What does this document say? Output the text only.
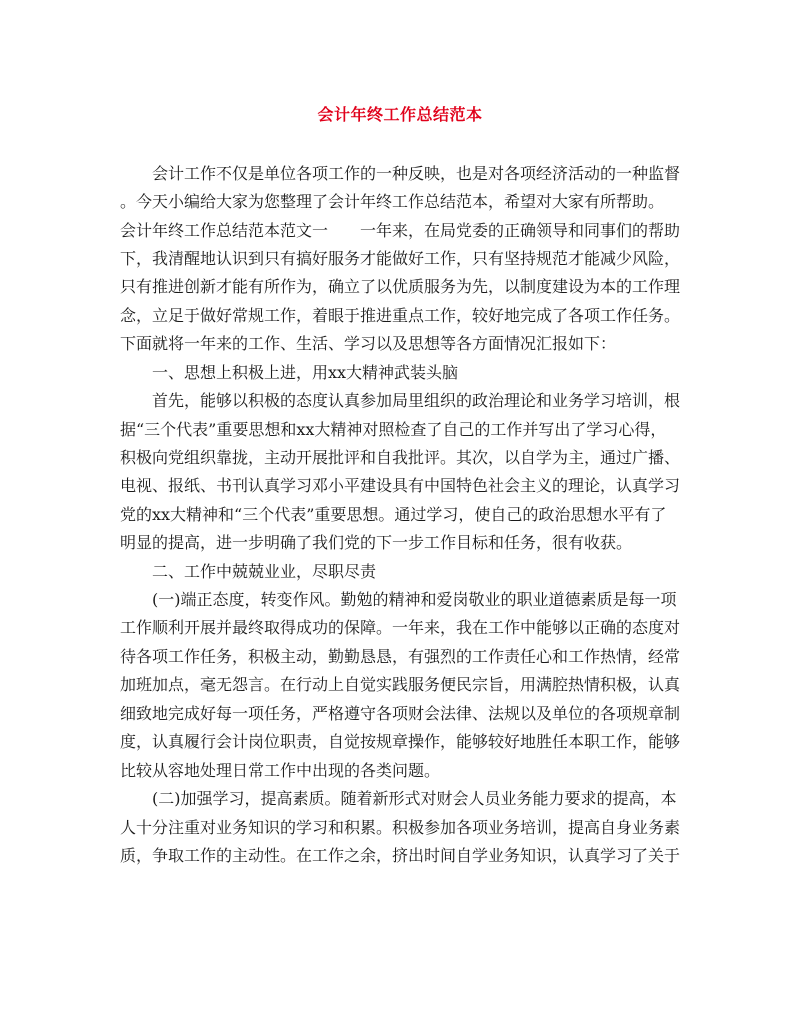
会计年终工作总结范本
　　会计工作不仅是单位各项工作的一种反映，也是对各项经济活动的一种监督
。今天小编给大家为您整理了会计年终工作总结范本，希望对大家有所帮助。
会计年终工作总结范本范文一　　一年来，在局党委的正确领导和同事们的帮助
下，我清醒地认识到只有搞好服务才能做好工作，只有坚持规范才能减少风险，
只有推进创新才能有所作为，确立了以优质服务为先，以制度建设为本的工作理
念，立足于做好常规工作，着眼于推进重点工作，较好地完成了各项工作任务。
下面就将一年来的工作、生活、学习以及思想等各方面情况汇报如下：
　　一、思想上积极上进，用xx大精神武装头脑
　　首先，能够以积极的态度认真参加局里组织的政治理论和业务学习培训，根
据“三个代表”重要思想和xx大精神对照检查了自己的工作并写出了学习心得，
积极向党组织靠拢，主动开展批评和自我批评。其次，以自学为主，通过广播、
电视、报纸、书刊认真学习邓小平建设具有中国特色社会主义的理论，认真学习
党的xx大精神和“三个代表”重要思想。通过学习，使自己的政治思想水平有了
明显的提高，进一步明确了我们党的下一步工作目标和任务，很有收获。
　　二、工作中兢兢业业，尽职尽责
　　(一)端正态度，转变作风。勤勉的精神和爱岗敬业的职业道德素质是每一项
工作顺利开展并最终取得成功的保障。一年来，我在工作中能够以正确的态度对
待各项工作任务，积极主动，勤勤恳恳，有强烈的工作责任心和工作热情，经常
加班加点，毫无怨言。在行动上自觉实践服务便民宗旨，用满腔热情积极，认真
细致地完成好每一项任务，严格遵守各项财会法律、法规以及单位的各项规章制
度，认真履行会计岗位职责，自觉按规章操作，能够较好地胜任本职工作，能够
比较从容地处理日常工作中出现的各类问题。
　　(二)加强学习，提高素质。随着新形式对财会人员业务能力要求的提高，本
人十分注重对业务知识的学习和积累。积极参加各项业务培训，提高自身业务素
质，争取工作的主动性。在工作之余，挤出时间自学业务知识，认真学习了关于
